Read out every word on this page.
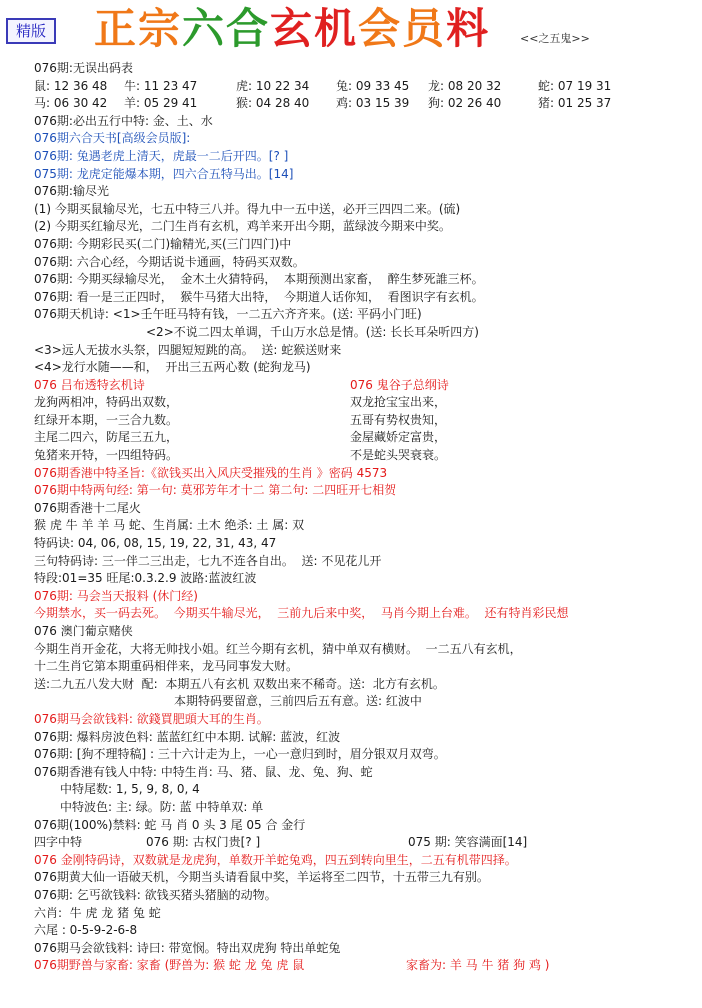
精版 正宗六合玄机会员料	<<之五鬼>>
076期:无误出码表
鼠: 12 36 48 牛: 11 23 47	虎: 10 22 34 兔: 09 33 45 龙: 08 20 32	蛇: 07 19 31
马: 06 30 42 羊: 05 29 41	猴: 04 28 40 鸡: 03 15 39 狗: 02 26 40	猪: 01 25 37
076期:必出五行中特: 金、土、水
076期六合天书[高级会员版]:
076期: 兔遇老虎上清天，虎最一二后开四。[? ]
075期: 龙虎定能爆本期，四六合五特马出。[14]
076期:输尽光
(1) 今期买鼠输尽光，七五中特三八并。得九中一五中送，必开三四四二来。(硫)
(2) 今期买红输尽光，二门生肖有玄机，鸡羊来开出今期，蓝绿波今期来中奖。
076期: 今期彩民买(二门)输精光,买(三门四门)中
076期: 六合心经，今期话说卡通画，特码买双数。
076期: 今期买绿输尽光，  金木土火猜特码，  本期预测出家畜，  醉生梦死誰三杯。
076期: 看一是三正四时，  猴牛马猪大出特，  今期道人话你知，  看图识字有玄机。
076期天机诗: <1>壬午旺马特有钱，一二五六齐齐来。(送: 平码小门旺)
<2>不说二四太单调，千山万水总是情。(送: 长长耳朵听四方)
<3>远人无拔水头祭，四腿短短跳的高。  送: 蛇猴送财来
<4>龙行水随——和，  开出三五两心数 (蛇狗龙马)
076 吕布透特玄机诗	076 鬼谷子总纲诗
龙狗两相冲，特码出双数，	双龙抢宝宝出来，
红绿开本期，一三合九数。	五哥有势权贵知，
主尾二四六，防尾三五九，	金屋藏娇定富贵，
兔猪来开特，一四组特码。	不是蛇头哭衰衰。
076期香港中特圣旨:《欲钱买出入风庆受摧残的生肖 》密码 4573
076期中特两句经: 第一句: 莫邪芳年才十二 第二句: 二四旺开七相贺
076期香港十二尾火
猴 虎 牛 羊 羊 马 蛇、生肖属: 土木 绝杀: 土 属: 双
特码诀: 04, 06, 08, 15, 19, 22, 31, 43, 47
三句特码诗: 三一伴二三出走，七九不连各自出。  送: 不见花儿开
特段:01=35 旺尾:0.3.2.9 波路:蓝波红波
076期: 马会当天报料 (休门经)
今期禁水，买一码去死。  今期买牛输尽光，  三前九后来中奖，  马肖今期上台难。  还有特肖彩民想
076 澳门葡京赌侠
今期生肖开金花，大将无帅找小姐。红兰今期有玄机，猜中单双有横财。  一二五八有玄机，
十二生肖它第本期重码相伴来，龙马同事发大财。
送:二九五八发大财  配:  本期五八有玄机 双数出来不稀奇。送:  北方有玄机。
本期特码要留意，三前四后五有意。送: 红波中
076期马会欲钱料: 欲錢買肥頭大耳的生肖。
076期: 爆料房波色料: 蓝蓝红红中本期. 试解: 蓝波，红波
076期: [狗不理特稿] : 三十六计走为上，一心一意归到时，眉分银双月双弯。
076期香港有钱人中特: 中特生肖: 马、猪、鼠、龙、兔、狗、蛇
中特尾数: 1, 5, 9, 8, 0, 4
中特波色: 主: 绿。防: 蓝 中特单双: 单
076期(100%)禁料: 蛇 马 肖 0 头 3 尾 05 合 金行
四字中特	076 期: 古权门贵[? ]	075 期: 笑容满面[14]
076 金刚特码诗，双数就是龙虎狗，单数开羊蛇兔鸡，四五到转向里生，二五有机带四择。
076期黄大仙一语破天机，今期当头请看鼠中奖，羊运将至二四节，十五带三九有别。
076期: 乞丐欲钱料: 欲钱买猪头猪脑的动物。
六肖:  牛 虎 龙 猪 兔 蛇
六尾 : 0-5-9-2-6-8
076期马会欲钱料: 诗曰: 带宽悯。特出双虎狗 特出单蛇兔
076期野兽与家畜: 家畜 (野兽为: 猴 蛇 龙 兔 虎 鼠	家畜为: 羊 马 牛 猪 狗 鸡 )
